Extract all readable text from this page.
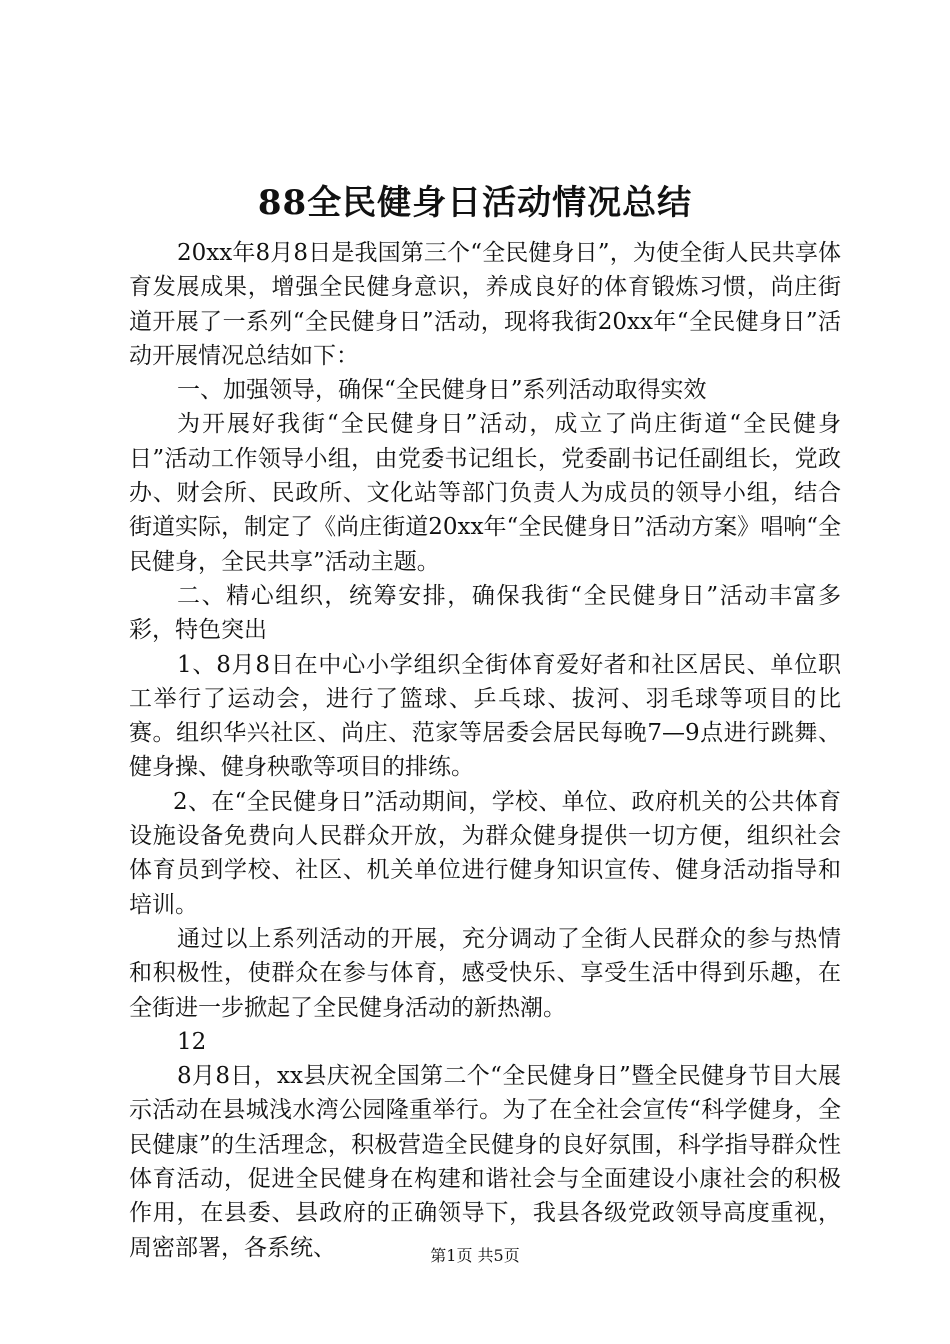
88全民健身日活动情况总结

20xx年8月8日是我国第三个“全民健身日”，为使全街人民共享体育发展成果，增强全民健身意识，养成良好的体育锻炼习惯，尚庄街道开展了一系列“全民健身日”活动，现将我街20xx年“全民健身日”活动开展情况总结如下：

一、加强领导，确保“全民健身日”系列活动取得实效

为开展好我街“全民健身日”活动，成立了尚庄街道“全民健身日”活动工作领导小组，由党委书记组长，党委副书记任副组长，党政办、财会所、民政所、文化站等部门负责人为成员的领导小组，结合街道实际，制定了《尚庄街道20xx年“全民健身日”活动方案》唱响“全民健身，全民共享”活动主题。

二、精心组织，统筹安排，确保我街“全民健身日”活动丰富多彩，特色突出

1、8月8日在中心小学组织全街体育爱好者和社区居民、单位职工举行了运动会，进行了篮球、乒乓球、拔河、羽毛球等项目的比赛。组织华兴社区、尚庄、范家等居委会居民每晚7—9点进行跳舞、健身操、健身秧歌等项目的排练。

2、在“全民健身日”活动期间，学校、单位、政府机关的公共体育设施设备免费向人民群众开放，为群众健身提供一切方便，组织社会体育员到学校、社区、机关单位进行健身知识宣传、健身活动指导和培训。

通过以上系列活动的开展，充分调动了全街人民群众的参与热情和积极性，使群众在参与体育，感受快乐、享受生活中得到乐趣，在全街进一步掀起了全民健身活动的新热潮。

12

8月8日，xx县庆祝全国第二个“全民健身日”暨全民健身节目大展示活动在县城浅水湾公园隆重举行。为了在全社会宣传“科学健身，全民健康”的生活理念，积极营造全民健身的良好氛围，科学指导群众性体育活动，促进全民健身在构建和谐社会与全面建设小康社会的积极作用，在县委、县政府的正确领导下，我县各级党政领导高度重视，周密部署，各系统、	第1页 共5页
